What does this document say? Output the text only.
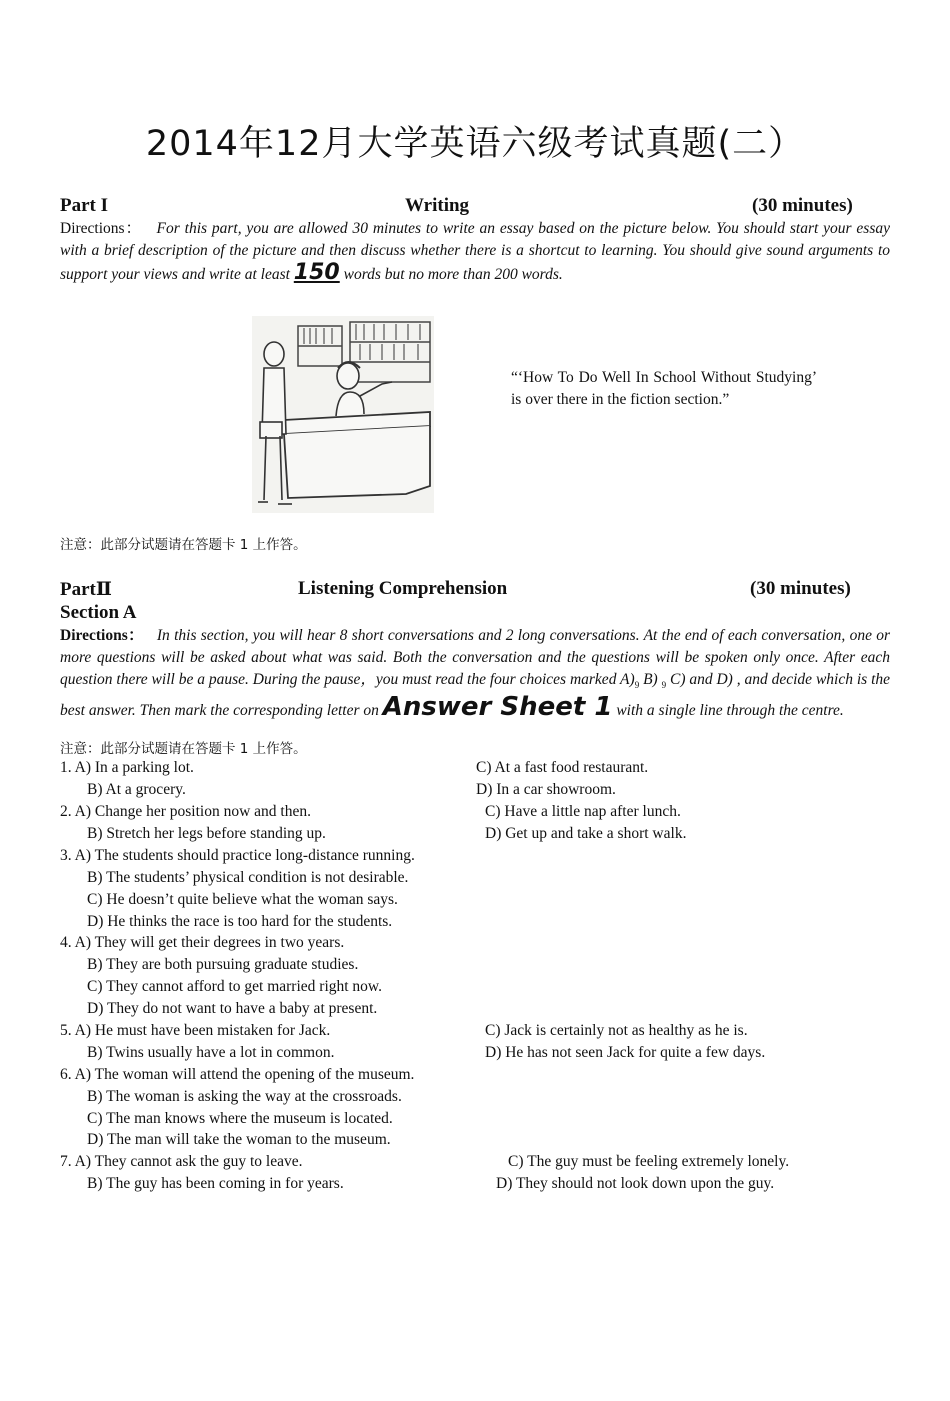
2014年12月大学英语六级考试真题(二）
Part I	Writing	(30 minutes)
Directions： For this part, you are allowed 30 minutes to write an essay based on the picture below. You should start your essay with a brief description of the picture and then discuss whether there is a shortcut to learning. You should give sound arguments to support your views and write at least 150 words but no more than 200 words.
“‘How To Do Well In School Without Studying’ is over there in the fiction section.”
注意：此部分试题请在答题卡 1 上作答。
PartⅡ	Listening Comprehension	(30 minutes)
Section A
Directions： In this section, you will hear 8 short conversations and 2 long conversations. At the end of each conversation, one or more questions will be asked about what was said. Both the conversation and the questions will be spoken only once. After each question there will be a pause. During the pause，you must read the four choices marked $A)_9$ B) $_9$ C) and D) , and decide which is the best answer. Then mark the corresponding letter on Answer Sheet 1 with a single line through the centre.
注意：此部分试题请在答题卡 1 上作答。
1. A) In a parking lot.	C) At a fast food restaurant.
B) At a grocery.	D) In a car showroom.
2. A) Change her position now and then.	C) Have a little nap after lunch.
B) Stretch her legs before standing up.	D) Get up and take a short walk.
3. A) The students should practice long-distance running.
B) The students’ physical condition is not desirable.
C) He doesn’t quite believe what the woman says.
D) He thinks the race is too hard for the students.
4. A) They will get their degrees in two years.
B) They are both pursuing graduate studies.
C) They cannot afford to get married right now.
D) They do not want to have a baby at present.
5. A) He must have been mistaken for Jack.	C) Jack is certainly not as healthy as he is.
B) Twins usually have a lot in common.	D) He has not seen Jack for quite a few days.
6. A) The woman will attend the opening of the museum.
B) The woman is asking the way at the crossroads.
C) The man knows where the museum is located.
D) The man will take the woman to the museum.
7. A) They cannot ask the guy to leave.	C) The guy must be feeling extremely lonely.
B) The guy has been coming in for years.	D) They should not look down upon the guy.
